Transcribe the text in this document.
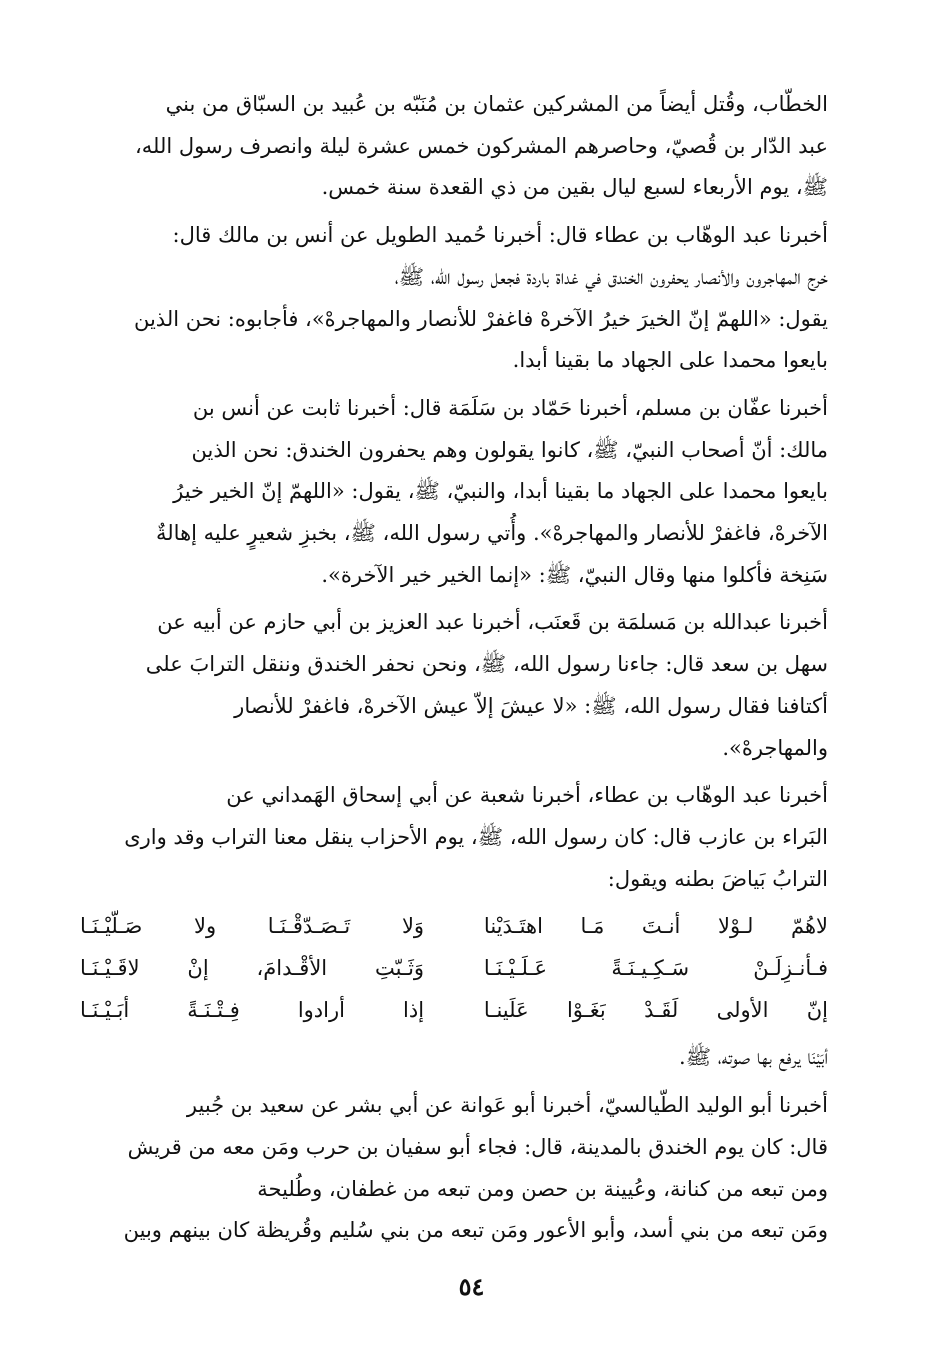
الخطّاب، وقُتل أيضاً من المشركين عثمان بن مُنَبّه بن عُبيد بن السبّاق من بني
عبد الدّار بن قُصيّ، وحاصرهم المشركون خمس عشرة ليلة وانصرف رسول الله،
ﷺ، يوم الأربعاء لسبع ليال بقين من ذي القعدة سنة خمس.
أخبرنا عبد الوهّاب بن عطاء قال: أخبرنا حُميد الطويل عن أنس بن مالك قال:
خرج المهاجرون والأنصار يحفرون الخندق في غداة باردة فجعل رسول الله، ﷺ،
يقول: «اللهمّ إنّ الخيرَ خيرُ الآخرهْ فاغفرْ للأنصار والمهاجرهْ»، فأجابوه: نحن الذين
بايعوا محمدا على الجهاد ما بقينا أبدا.
أخبرنا عفّان بن مسلم، أخبرنا حَمّاد بن سَلَمَة قال: أخبرنا ثابت عن أنس بن
مالك: أنّ أصحاب النبيّ، ﷺ، كانوا يقولون وهم يحفرون الخندق: نحن الذين
بايعوا محمدا على الجهاد ما بقينا أبدا، والنبيّ، ﷺ، يقول: «اللهمّ إنّ الخير خيرُ
الآخرهْ، فاغفرْ للأنصار والمهاجرهْ». وأُتي رسول الله، ﷺ، بخبزِ شعيرٍ عليه إهالةٌ
سَنِخة فأكلوا منها وقال النبيّ، ﷺ: «إنما الخير خير الآخرة».
أخبرنا عبدالله بن مَسلمَة بن قَعنَب، أخبرنا عبد العزيز بن أبي حازم عن أبيه عن
سهل بن سعد قال: جاءنا رسول الله، ﷺ، ونحن نحفر الخندق وننقل الترابَ على
أكتافنا فقال رسول الله، ﷺ: «لا عيشَ إلاّ عيش الآخرهْ، فاغفرْ للأنصار
والمهاجرهْ».
أخبرنا عبد الوهّاب بن عطاء، أخبرنا شعبة عن أبي إسحاق الهَمداني عن
البَراء بن عازب قال: كان رسول الله، ﷺ، يوم الأحزاب ينقل معنا التراب وقد وارى
الترابُ بَياضَ بطنه ويقول:
لاهُمّ لـوْلا أنـتَ مَـا اهتَـدَيْنا
وَلا تَـصَـدّقْـنَـا ولا صَـلّيْـنَـا
فـأنـزِلَـنْ سَـكِـيـنَـةً عَـلَـيْـنَـا
وَثَـبّتِ الأقْـدامَ، إنْ لاقَـيْـنَـا
إنّ الأولى لَقَـدْ بَغَـوْا عَلَينـا
إذا أرادوا فِـتْـنَـةً أبَـيْـنَـا
أبَيْنَا يرفع بها صوته، ﷺ.
أخبرنا أبو الوليد الطّيالسيّ، أخبرنا أبو عَوانة عن أبي بشر عن سعيد بن جُبير
قال: كان يوم الخندق بالمدينة، قال: فجاء أبو سفيان بن حرب ومَن معه من قريش
ومن تبعه من كنانة، وعُيينة بن حصن ومن تبعه من غطفان، وطُليحة
ومَن تبعه من بني أسد، وأبو الأعور ومَن تبعه من بني سُليم وقُريظة كان بينهم وبين
٥٤
